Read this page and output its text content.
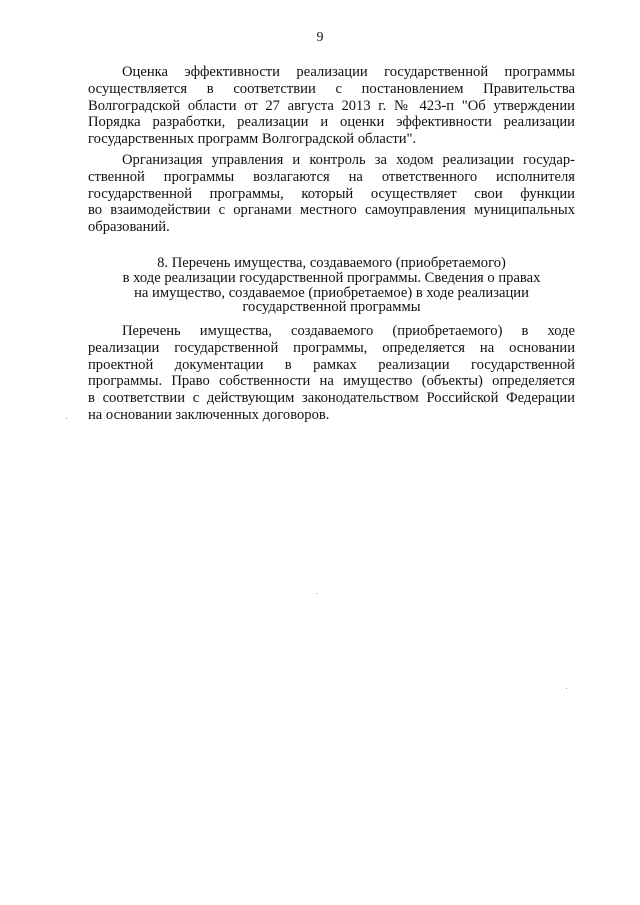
9
Оценка эффективности реализации государственной программы
осуществляется в соответствии с постановлением Правительства
Волгоградской области от 27 августа 2013 г. № 423-п "Об утверждении
Порядка разработки, реализации и оценки эффективности реализации
государственных программ Волгоградской области".
Организация управления и контроль за ходом реализации государ-
ственной программы возлагаются на ответственного исполнителя
государственной программы, который осуществляет свои функции
во взаимодействии с органами местного самоуправления муниципальных
образований.
8. Перечень имущества, создаваемого (приобретаемого)
в ходе реализации государственной программы. Сведения о правах
на имущество, создаваемое (приобретаемое) в ходе реализации
государственной программы
Перечень имущества, создаваемого (приобретаемого) в ходе
реализации государственной программы, определяется на основании
проектной документации в рамках реализации государственной
программы. Право собственности на имущество (объекты) определяется
в соответствии с действующим законодательством Российской Федерации
на основании заключенных договоров.
